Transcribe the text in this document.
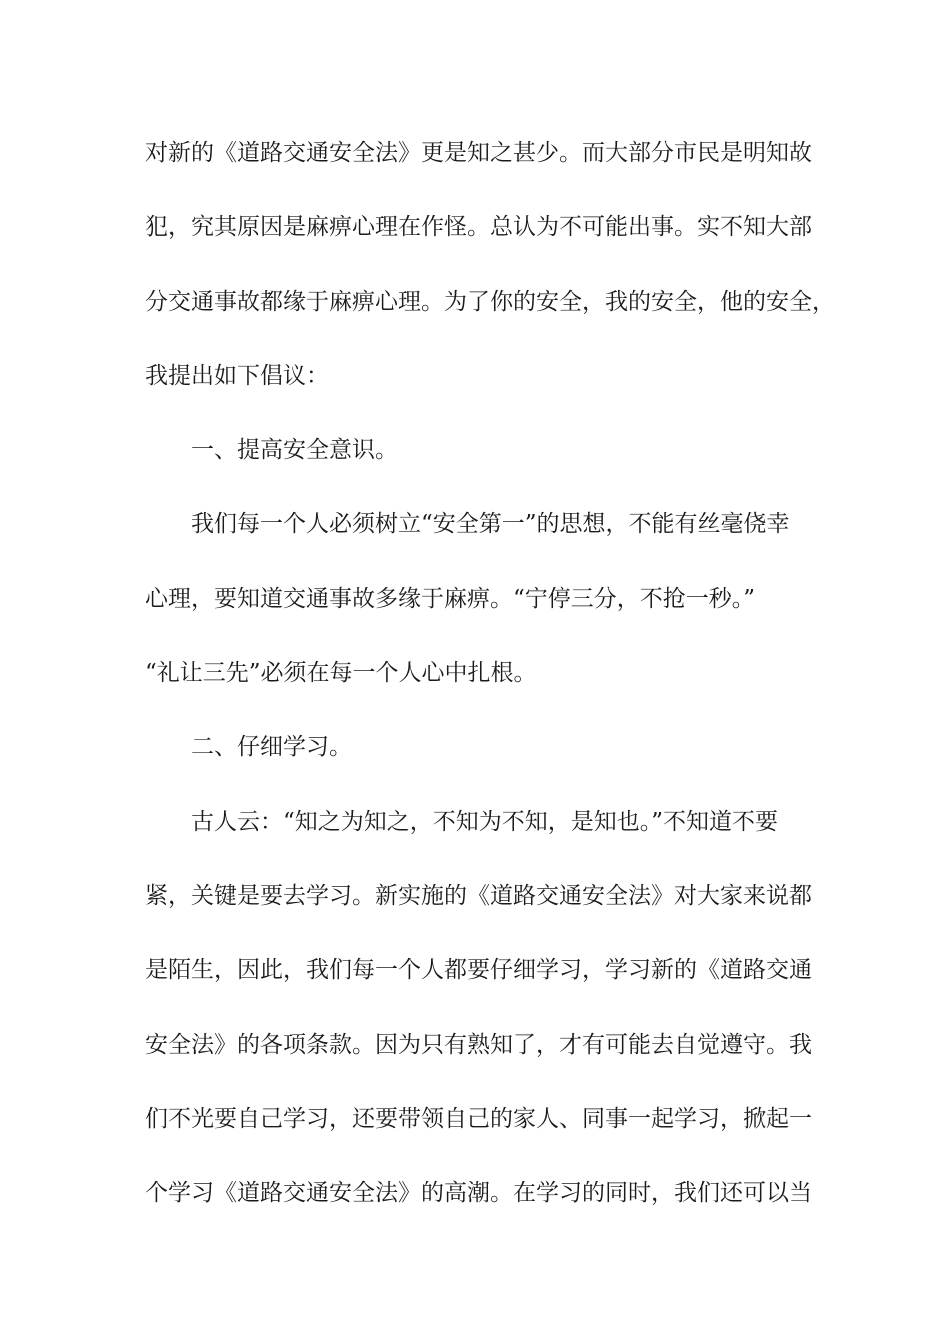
对新的《道路交通安全法》更是知之甚少。而大部分市民是明知故
犯，究其原因是麻痹心理在作怪。总认为不可能出事。实不知大部
分交通事故都缘于麻痹心理。为了你的安全，我的安全，他的安全，
我提出如下倡议：
一、提高安全意识。
我们每一个人必须树立“安全第一”的思想，不能有丝毫侥幸
心理，要知道交通事故多缘于麻痹。“宁停三分，不抢一秒。”
“礼让三先”必须在每一个人心中扎根。
二、仔细学习。
古人云：“知之为知之，不知为不知，是知也。”不知道不要
紧，关键是要去学习。新实施的《道路交通安全法》对大家来说都
是陌生，因此，我们每一个人都要仔细学习，学习新的《道路交通
安全法》的各项条款。因为只有熟知了，才有可能去自觉遵守。我
们不光要自己学习，还要带领自己的家人、同事一起学习，掀起一
个学习《道路交通安全法》的高潮。在学习的同时，我们还可以当
